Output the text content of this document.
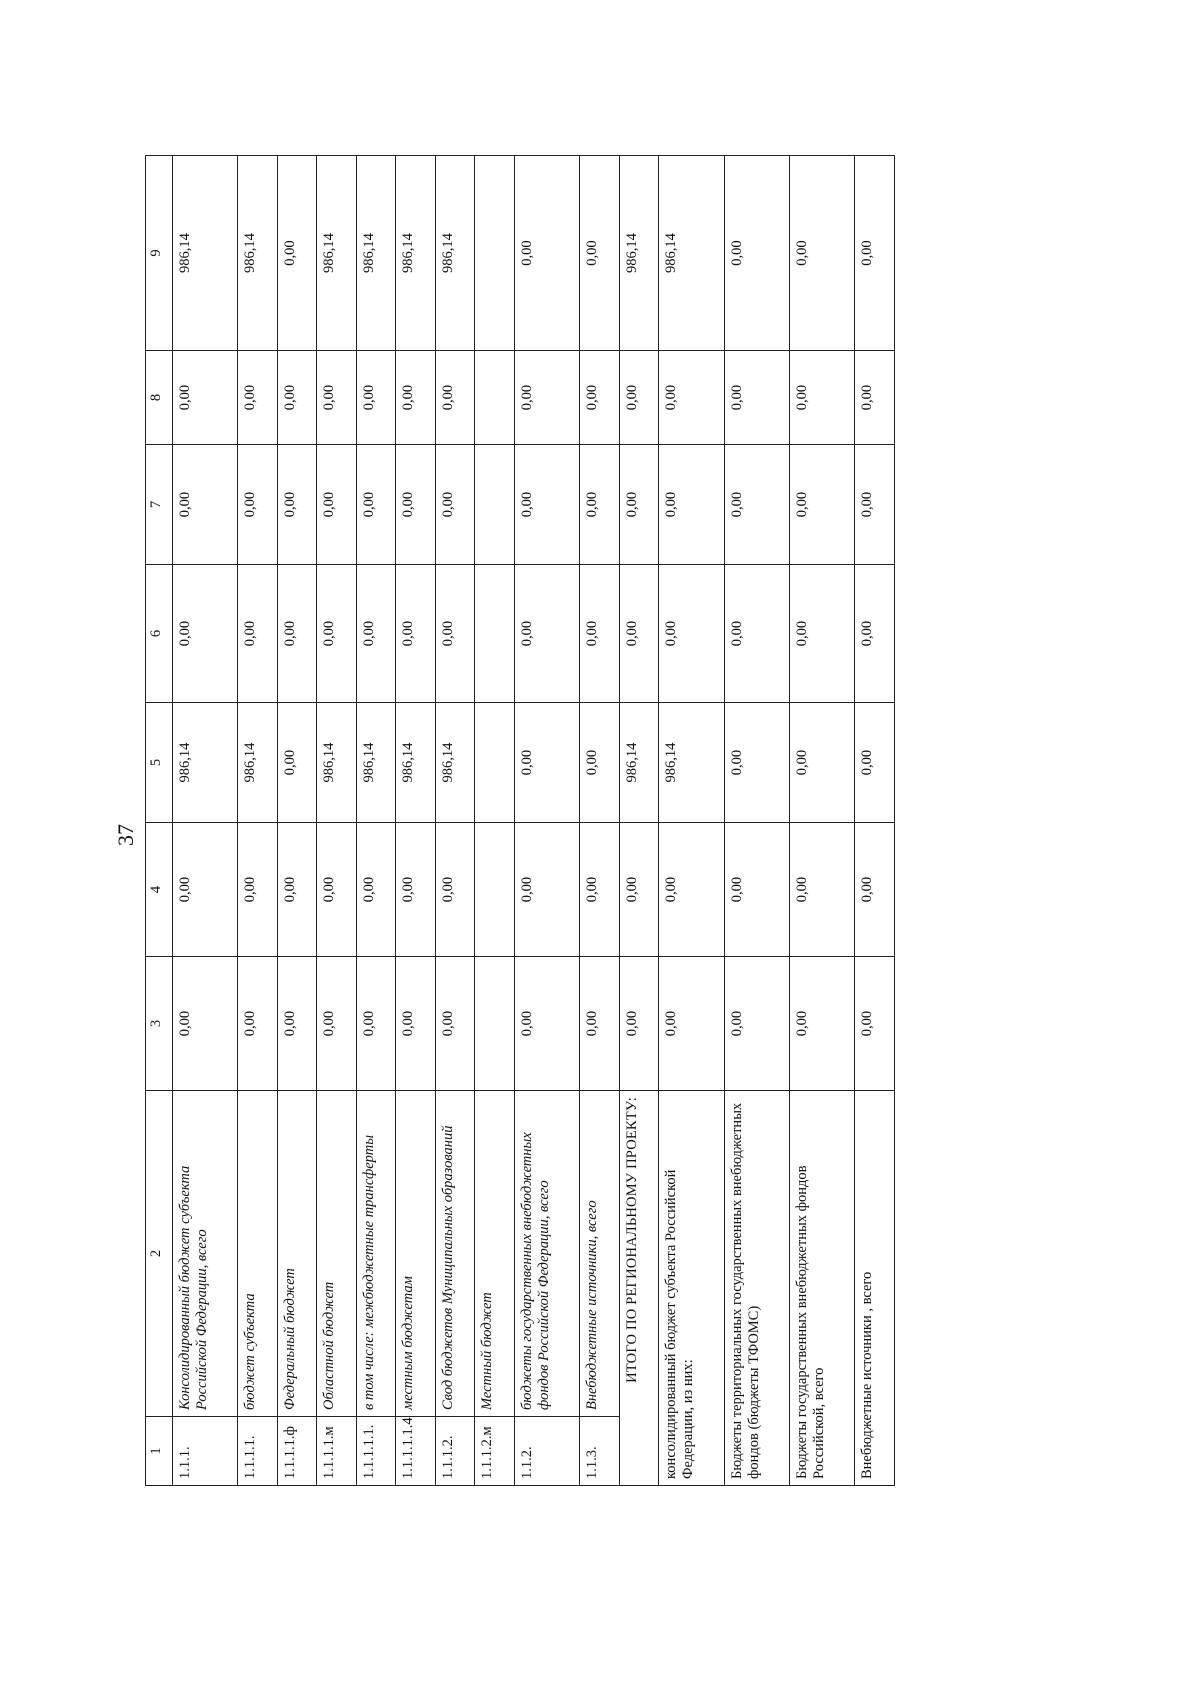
37
1	2	3	4	5	6	7	8	9
1.1.1.	Консолидированный бюджет субъекта Российской Федерации, всего	0,00	0,00	986,14	0,00	0,00	0,00	986,14
1.1.1.1.	бюджет субъекта	0,00	0,00	986,14	0,00	0,00	0,00	986,14
1.1.1.1.ф	Федеральный бюджет	0,00	0,00	0,00	0,00	0,00	0,00	0,00
1.1.1.1.м	Областной бюджет	0,00	0,00	986,14	0,00	0,00	0,00	986,14
1.1.1.1.1.	в том числе: межбюджетные трансферты	0,00	0,00	986,14	0,00	0,00	0,00	986,14
1.1.1.1.1.4	местным бюджетам	0,00	0,00	986,14	0,00	0,00	0,00	986,14
1.1.1.2.	Свод бюджетов Муниципальных образований	0,00	0,00	986,14	0,00	0,00	0,00	986,14
1.1.1.2.м	Местный бюджет							
1.1.2.	бюджеты государственных внебюджетных фондов Российской Федерации, всего	0,00	0,00	0,00	0,00	0,00	0,00	0,00
1.1.3.	Внебюджетные источники, всего	0,00	0,00	0,00	0,00	0,00	0,00	0,00
ИТОГО ПО РЕГИОНАЛЬНОМУ ПРОЕКТУ:		0,00	0,00	986,14	0,00	0,00	0,00	986,14
консолидированный бюджет субъекта Российской Федерации, из них:		0,00	0,00	986,14	0,00	0,00	0,00	986,14
Бюджеты территориальных государственных внебюджетных фондов (бюджеты ТФОМС)		0,00	0,00	0,00	0,00	0,00	0,00	0,00
Бюджеты государственных внебюджетных фондов Российской, всего		0,00	0,00	0,00	0,00	0,00	0,00	0,00
Внебюджетные источники , всего		0,00	0,00	0,00	0,00	0,00	0,00	0,00
